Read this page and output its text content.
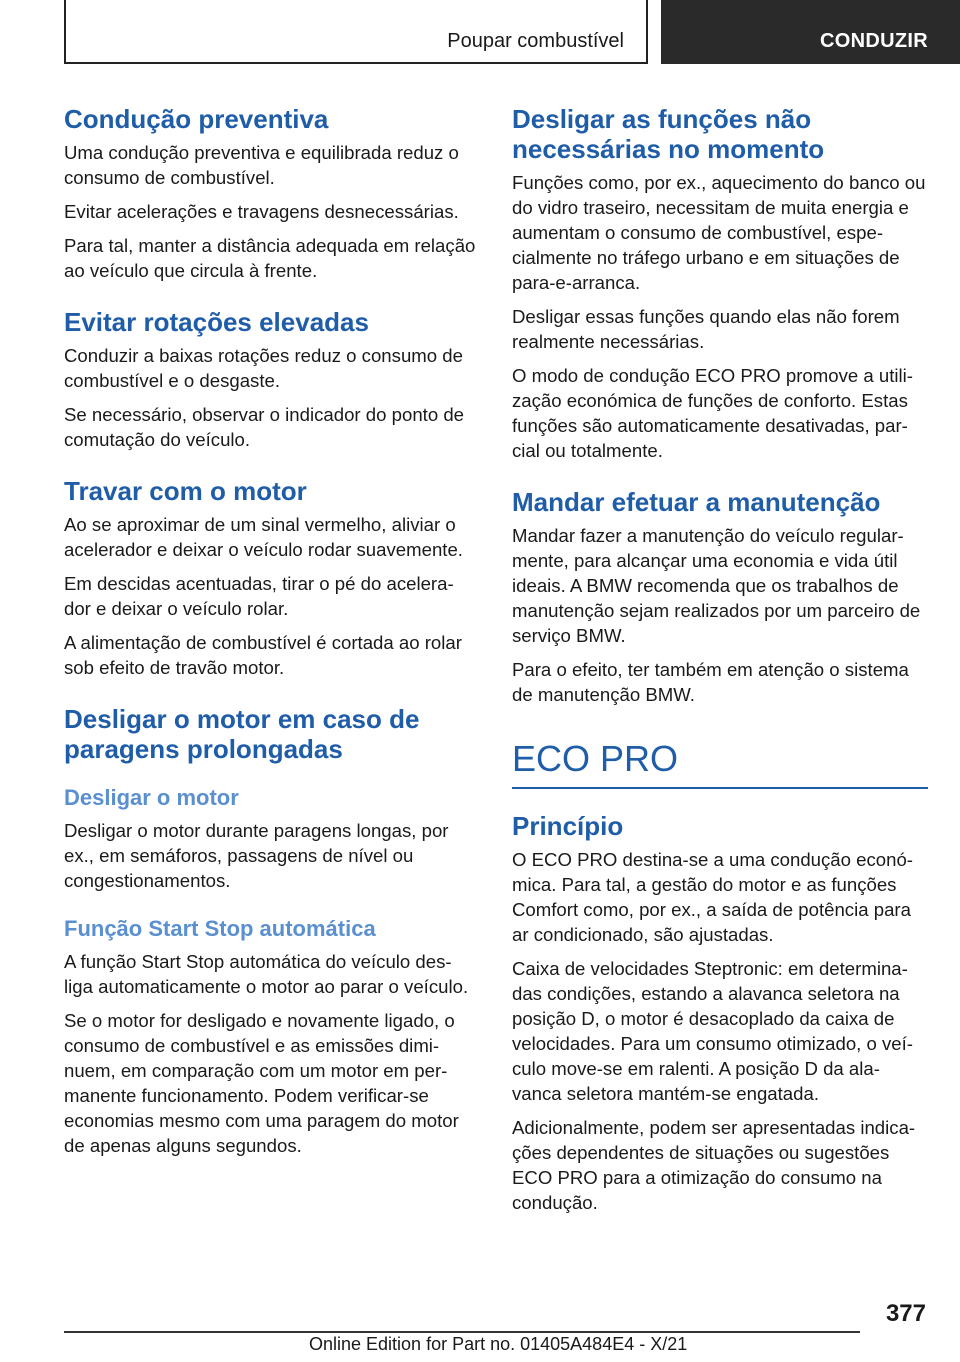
Poupar combustível	CONDUZIR
Condução preventiva

Uma condução preventiva e equilibrada reduz o consumo de combustível.

Evitar acelerações e travagens desnecessárias.

Para tal, manter a distância adequada em relação ao veículo que circula à frente.

Evitar rotações elevadas

Conduzir a baixas rotações reduz o consumo de combustível e o desgaste.

Se necessário, observar o indicador do ponto de comutação do veículo.

Travar com o motor

Ao se aproximar de um sinal vermelho, aliviar o acelerador e deixar o veículo rodar suavemente.

Em descidas acentuadas, tirar o pé do acelera-dor e deixar o veículo rolar.

A alimentação de combustível é cortada ao rolar sob efeito de travão motor.

Desligar o motor em caso de paragens prolongadas
Desligar o motor

Desligar o motor durante paragens longas, por ex., em semáforos, passagens de nível ou congestionamentos.

Função Start Stop automática

A função Start Stop automática do veículo des-liga automaticamente o motor ao parar o veículo.

Se o motor for desligado e novamente ligado, o consumo de combustível e as emissões dimi-nuem, em comparação com um motor em per-manente funcionamento. Podem verificar-se economias mesmo com uma paragem do motor de apenas alguns segundos.

Desligar as funções não necessárias no momento

Funções como, por ex., aquecimento do banco ou do vidro traseiro, necessitam de muita energia e aumentam o consumo de combustível, espe-cialmente no tráfego urbano e em situações de para-e-arranca.

Desligar essas funções quando elas não forem realmente necessárias.

O modo de condução ECO PRO promove a utili-zação económica de funções de conforto. Estas funções são automaticamente desativadas, par-cial ou totalmente.

Mandar efetuar a manutenção

Mandar fazer a manutenção do veículo regular-mente, para alcançar uma economia e vida útil ideais. A BMW recomenda que os trabalhos de manutenção sejam realizados por um parceiro de serviço BMW.

Para o efeito, ter também em atenção o sistema de manutenção BMW.

ECO PRO
Princípio

O ECO PRO destina-se a uma condução econó-mica. Para tal, a gestão do motor e as funções Comfort como, por ex., a saída de potência para ar condicionado, são ajustadas.

Caixa de velocidades Steptronic: em determina-das condições, estando a alavanca seletora na posição D, o motor é desacoplado da caixa de velocidades. Para um consumo otimizado, o veí-culo move-se em ralenti. A posição D da ala-vanca seletora mantém-se engatada.

Adicionalmente, podem ser apresentadas indica-ções dependentes de situações ou sugestões ECO PRO para a otimização do consumo na condução.

377
Online Edition for Part no. 01405A484E4 - X/21
